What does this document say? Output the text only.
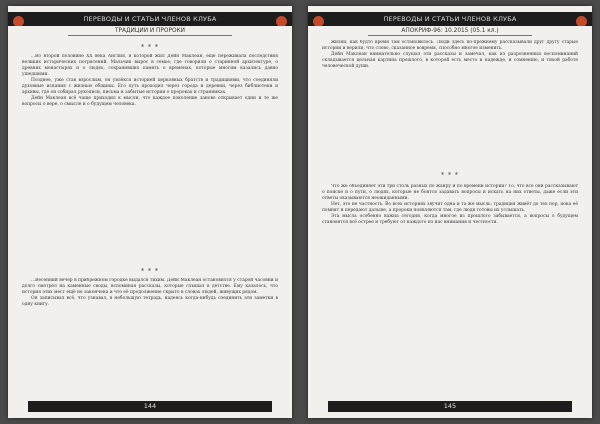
ПЕРЕВОДЫ И СТАТЬИ ЧЛЕНОВ КЛУБА
ТРАДИЦИИ И ПРОРОКИ
* * *

...Во второй половине XX века Англия, в которой жил Дейн Маклеан, ещё переживала последствия великих исторических потрясений. Мальчик вырос в семье, где говорили о старинной архитектуре, о древних монастырях и о людях, сохранивших память о временах, которые многим казались давно ушедшими.

Позднее, уже став взрослым, он увлёкся историей церковных братств и традициями, что соединяли духовные искания с жизнью общины. Его путь проходил через города и деревни, через библиотеки и архивы, где он собирал рукописи, письма и забытые истории о пророках и странниках.

Дейн Маклеан всё чаще приходил к мысли, что каждое поколение заново открывает одни и те же вопросы о вере, о смысле и о будущем человека.

* * *

...Весенний вечер в прибрежном городке выдался тихим. Дейн Маклеан остановился у старой часовни и долго смотрел на каменные своды, вспоминая рассказы, которые слышал в детстве. Ему казалось, что история этих мест ещё не закончена и что её продолжение скрыто в словах людей, живущих рядом.

Он записывал всё, что узнавал, в небольшую тетрадь, надеясь когда-нибудь соединить эти заметки в одну книгу.

144
ПЕРЕВОДЫ И СТАТЬИ ЧЛЕНОВ КЛУБА
АПОКРИФ-96: 10.2015 (05.1 кл.)

жизни, как будто время там остановилось. Люди здесь по-прежнему рассказывали друг другу старые истории и верили, что слово, сказанное вовремя, способно многое изменить.

Дейн Маклеан внимательно слушал эти рассказы и замечал, как из разрозненных воспоминаний складывается цельная картина прошлого, в которой есть место и надежде, и сомнению, и тихой работе человеческой души.

* * *

Что же объединяет эти три столь разных по жанру и по времени истории? То, что все они рассказывают о поиске и о пути, о людях, которые не боятся задавать вопросы и искать на них ответы, даже если эти ответы оказываются неожиданными.

Нет, это не частность. Во всех историях звучит одна и та же мысль: традиция живёт до тех пор, пока её помнят и передают дальше, а пророки появляются там, где люди готовы их услышать.

Эта мысль особенно важна сегодня, когда многое из прошлого забывается, а вопросы о будущем становятся всё острее и требуют от каждого из нас внимания и честности.

145
